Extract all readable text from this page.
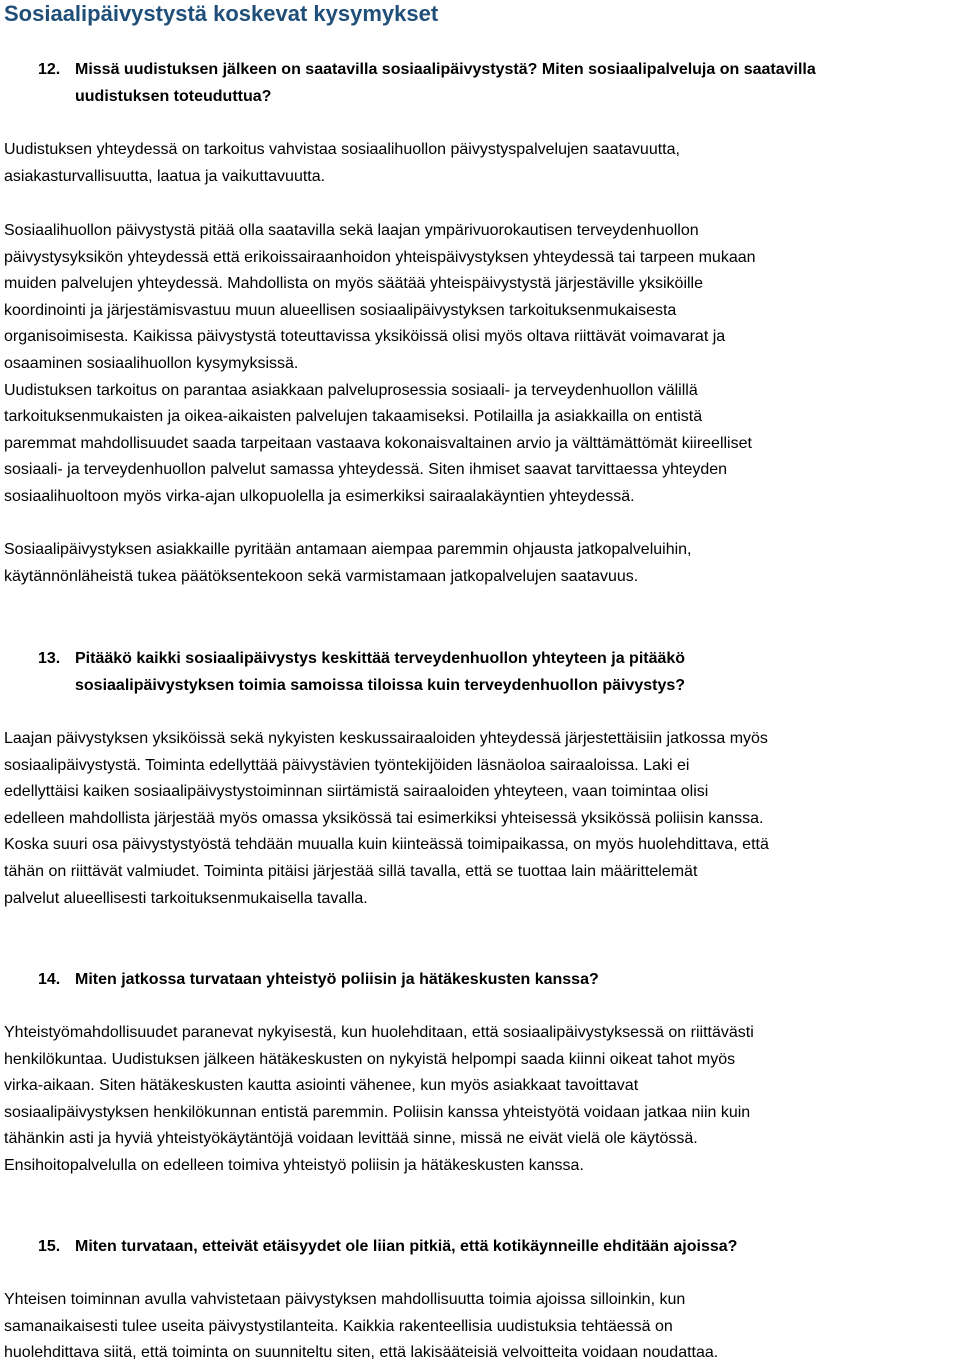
Sosiaalipäivystystä koskevat kysymykset
12. Missä uudistuksen jälkeen on saatavilla sosiaalipäivystystä? Miten sosiaalipalveluja on saatavilla
uudistuksen toteuduttua?
Uudistuksen yhteydessä on tarkoitus vahvistaa sosiaalihuollon päivystyspalvelujen saatavuutta,
asiakasturvallisuutta, laatua ja vaikuttavuutta.
Sosiaalihuollon päivystystä pitää olla saatavilla sekä laajan ympärivuorokautisen terveydenhuollon
päivystysyksikön yhteydessä että erikoissairaanhoidon yhteispäivystyksen yhteydessä tai tarpeen mukaan
muiden palvelujen yhteydessä. Mahdollista on myös säätää yhteispäivystystä järjestäville yksiköille
koordinointi ja järjestämisvastuu muun alueellisen sosiaalipäivystyksen tarkoituksenmukaisesta
organisoimisesta. Kaikissa päivystystä toteuttavissa yksiköissä olisi myös oltava riittävät voimavarat ja
osaaminen sosiaalihuollon kysymyksissä.
Uudistuksen tarkoitus on parantaa asiakkaan palveluprosessia sosiaali- ja terveydenhuollon välillä
tarkoituksenmukaisten ja oikea-aikaisten palvelujen takaamiseksi. Potilailla ja asiakkailla on entistä
paremmat mahdollisuudet saada tarpeitaan vastaava kokonaisvaltainen arvio ja välttämättömät kiireelliset
sosiaali- ja terveydenhuollon palvelut samassa yhteydessä. Siten ihmiset saavat tarvittaessa yhteyden
sosiaalihuoltoon myös virka-ajan ulkopuolella ja esimerkiksi sairaalakäyntien yhteydessä.
Sosiaalipäivystyksen asiakkaille pyritään antamaan aiempaa paremmin ohjausta jatkopalveluihin,
käytännönläheistä tukea päätöksentekoon sekä varmistamaan jatkopalvelujen saatavuus.
13. Pitääkö kaikki sosiaalipäivystys keskittää terveydenhuollon yhteyteen ja pitääkö
sosiaalipäivystyksen toimia samoissa tiloissa kuin terveydenhuollon päivystys?
Laajan päivystyksen yksiköissä sekä nykyisten keskussairaaloiden yhteydessä järjestettäisiin jatkossa myös
sosiaalipäivystystä. Toiminta edellyttää päivystävien työntekijöiden läsnäoloa sairaalоissa. Laki ei
edellyttäisi kaiken sosiaalipäivystystoiminnan siirtämistä sairaaloiden yhteyteen, vaan toimintaa olisi
edelleen mahdollista järjestää myös omassa yksikössä tai esimerkiksi yhteisessä yksikössä poliisin kanssa.
Koska suuri osa päivystystyöstä tehdään muualla kuin kiinteässä toimipaikassa, on myös huolehdittava, että
tähän on riittävät valmiudet. Toiminta pitäisi järjestää sillä tavalla, että se tuottaa lain määrittelemät
palvelut alueellisesti tarkoituksenmukaisella tavalla.
14. Miten jatkossa turvataan yhteistyö poliisin ja hätäkeskusten kanssa?
Yhteistyömahdollisuudet paranevat nykyisestä, kun huolehditaan, että sosiaalipäivystyksessä on riittävästi
henkilökuntaa. Uudistuksen jälkeen hätäkeskusten on nykyistä helpompi saada kiinni oikeat tahot myös
virka-aikaan. Siten hätäkeskusten kautta asiointi vähenee, kun myös asiakkaat tavoittavat
sosiaalipäivystyksen henkilökunnan entistä paremmin. Poliisin kanssa yhteistyötä voidaan jatkaa niin kuin
tähänkin asti ja hyviä yhteistyökäytäntöjä voidaan levittää sinne, missä ne eivät vielä ole käytössä.
Ensihoitopalvelulla on edelleen toimiva yhteistyö poliisin ja hätäkeskusten kanssa.
15. Miten turvataan, etteivät etäisyydet ole liian pitkiä, että kotikäynneille ehditään ajoissa?
Yhteisen toiminnan avulla vahvistetaan päivystyksen mahdollisuutta toimia ajoissa silloinkin, kun
samanaikaisesti tulee useita päivystystilanteita. Kaikkia rakenteellisia uudistuksia tehtäessä on
huolehdittava siitä, että toiminta on suunniteltu siten, että lakisääteisiä velvoitteita voidaan noudattaa.
